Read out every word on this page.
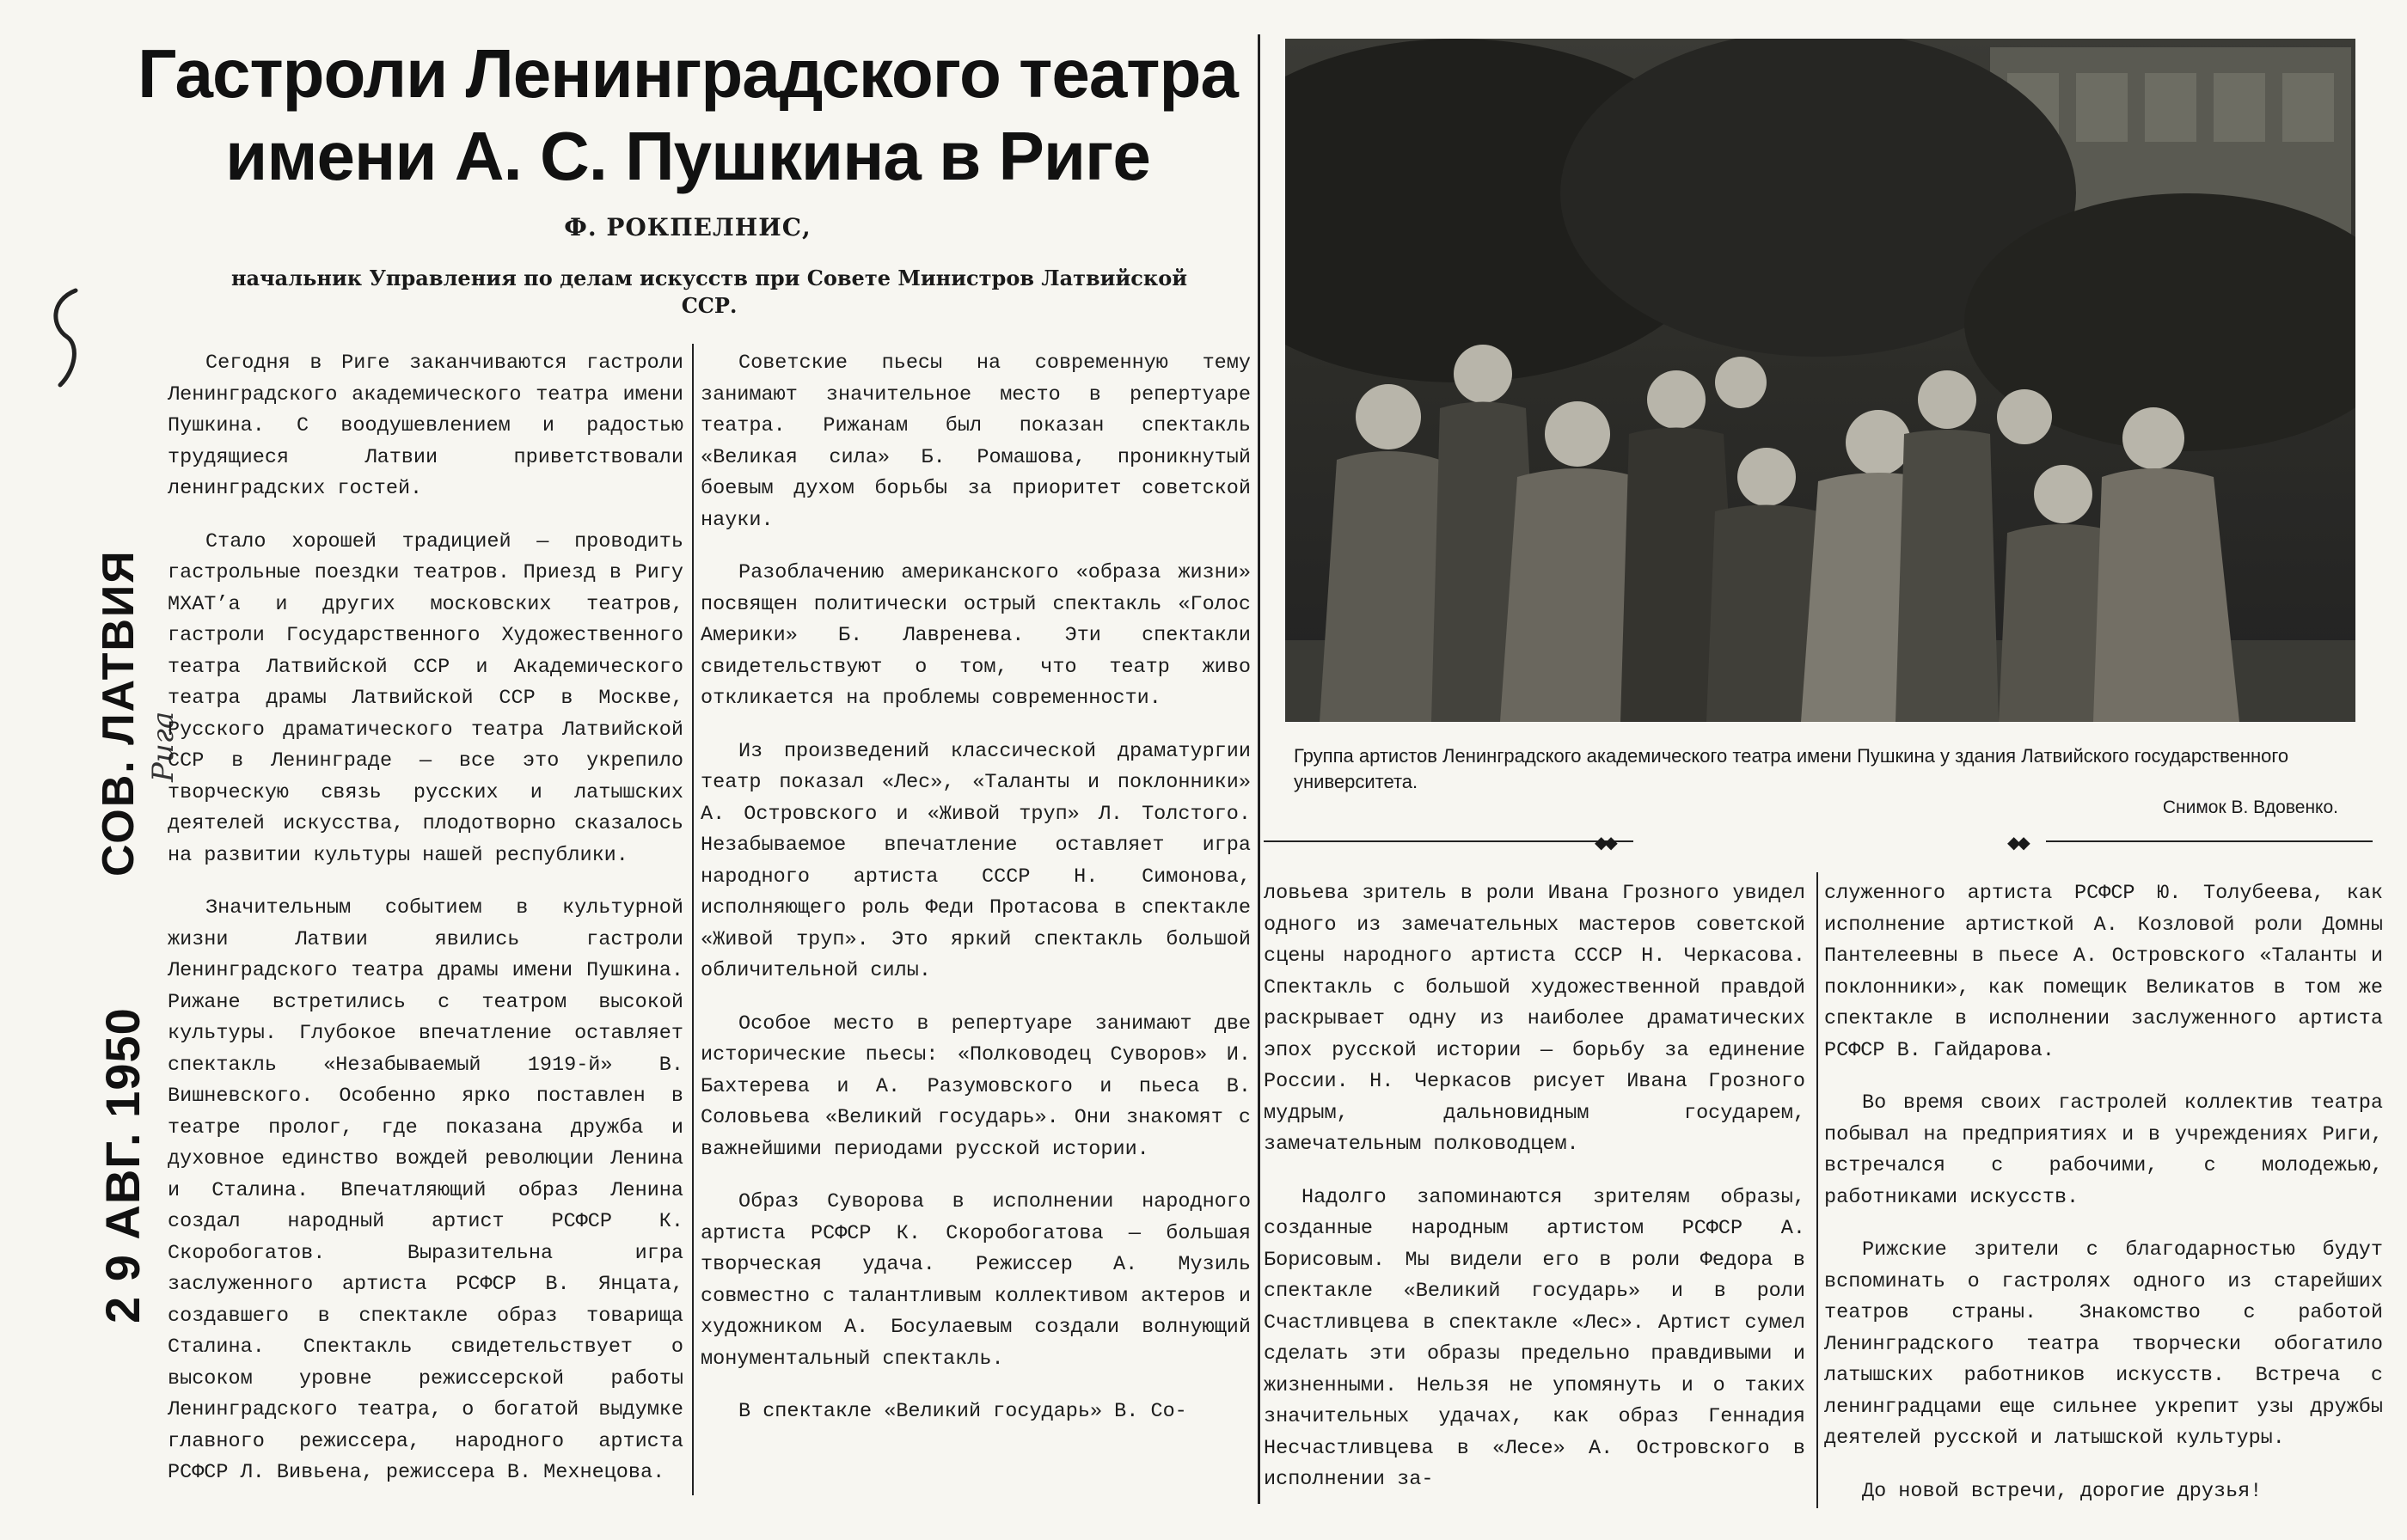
СОВ. ЛАТВИЯ Рига
2 9 АВГ. 1950
Гастроли Ленинградского театра имени А. С. Пушкина в Риге
Ф. РОКПЕЛНИС,
начальник Управления по делам искусств при Совете Министров Латвийской ССР.
◆◆	◆◆

Сегодня в Риге заканчиваются гастроли Ленинградского академического театра имени Пушкина. С воодушевлением и радостью трудящиеся Латвии приветствовали ленинградских гостей.

Стало хорошей традицией — проводить гастрольные поездки театров. Приезд в Ригу МХАТ’а и других московских театров, гастроли Государственного Художественного театра Латвийской ССР и Академического театра драмы Латвийской ССР в Москве, Русского драматического театра Латвийской ССР в Ленинграде — все это укрепило творческую связь русских и латышских деятелей искусства, плодотворно сказалось на развитии культуры нашей республики.

Значительным событием в культурной жизни Латвии явились гастроли Ленинградского театра драмы имени Пушкина. Рижане встретились с театром высокой культуры. Глубокое впечатление оставляет спектакль «Незабываемый 1919-й» В. Вишневского. Особенно ярко поставлен в театре пролог, где показана дружба и духовное единство вождей революции Ленина и Сталина. Впечатляющий образ Ленина создал народный артист РСФСР К. Скоробогатов. Выразительна игра заслуженного артиста РСФСР В. Янцата, создавшего в спектакле образ товарища Сталина. Спектакль свидетельствует о высоком уровне режиссерской работы Ленинградского театра, о богатой выдумке главного режиссера, народного артиста РСФСР Л. Вивьена, режиссера В. Мехнецова.

Советские пьесы на современную тему занимают значительное место в репертуаре театра. Рижанам был показан спектакль «Великая сила» Б. Ромашова, проникнутый боевым духом борьбы за приоритет советской науки.

Разоблачению американского «образа жизни» посвящен политически острый спектакль «Голос Америки» Б. Лавренева. Эти спектакли свидетельствуют о том, что театр живо откликается на проблемы современности.

Из произведений классической драматургии театр показал «Лес», «Таланты и поклонники» А. Островского и «Живой труп» Л. Толстого. Незабываемое впечатление оставляет игра народного артиста СССР Н. Симонова, исполняющего роль Феди Протасова в спектакле «Живой труп». Это яркий спектакль большой обличительной силы.

Особое место в репертуаре занимают две исторические пьесы: «Полководец Суворов» И. Бахтерева и А. Разумовского и пьеса В. Соловьева «Великий государь». Они знакомят с важнейшими периодами русской истории.

Образ Суворова в исполнении народного артиста РСФСР К. Скоробогатова — большая творческая удача. Режиссер А. Музиль совместно с талантливым коллективом актеров и художником А. Босулаевым создали волнующий монументальный спектакль.

В спектакле «Великий государь» В. Со-

Группа артистов Ленинградского академического театра имени Пушкина у здания Латвийского государственного университета.
Снимок В. Вдовенко.

ловьева зритель в роли Ивана Грозного увидел одного из замечательных мастеров советской сцены народного артиста СССР Н. Черкасова. Спектакль с большой художественной правдой раскрывает одну из наиболее драматических эпох русской истории — борьбу за единение России. Н. Черкасов рисует Ивана Грозного мудрым, дальновидным государем, замечательным полководцем.

Надолго запоминаются зрителям образы, созданные народным артистом РСФСР А. Борисовым. Мы видели его в роли Федора в спектакле «Великий государь» и в роли Счастливцева в спектакле «Лес». Артист сумел сделать эти образы предельно правдивыми и жизненными. Нельзя не упомянуть и о таких значительных удачах, как образ Геннадия Несчастливцева в «Лесе» А. Островского в исполнении за-

служенного артиста РСФСР Ю. Толубеева, как исполнение артисткой А. Козловой роли Домны Пантелеевны в пьесе А. Островского «Таланты и поклонники», как помещик Великатов в том же спектакле в исполнении заслуженного артиста РСФСР В. Гайдарова.

Во время своих гастролей коллектив театра побывал на предприятиях и в учреждениях Риги, встречался с рабочими, с молодежью, работниками искусств.

Рижские зрители с благодарностью будут вспоминать о гастролях одного из старейших театров страны. Знакомство с работой Ленинградского театра творчески обогатило латышских работников искусств. Встреча с ленинградцами еще сильнее укрепит узы дружбы деятелей русской и латышской культуры.

До новой встречи, дорогие друзья!
